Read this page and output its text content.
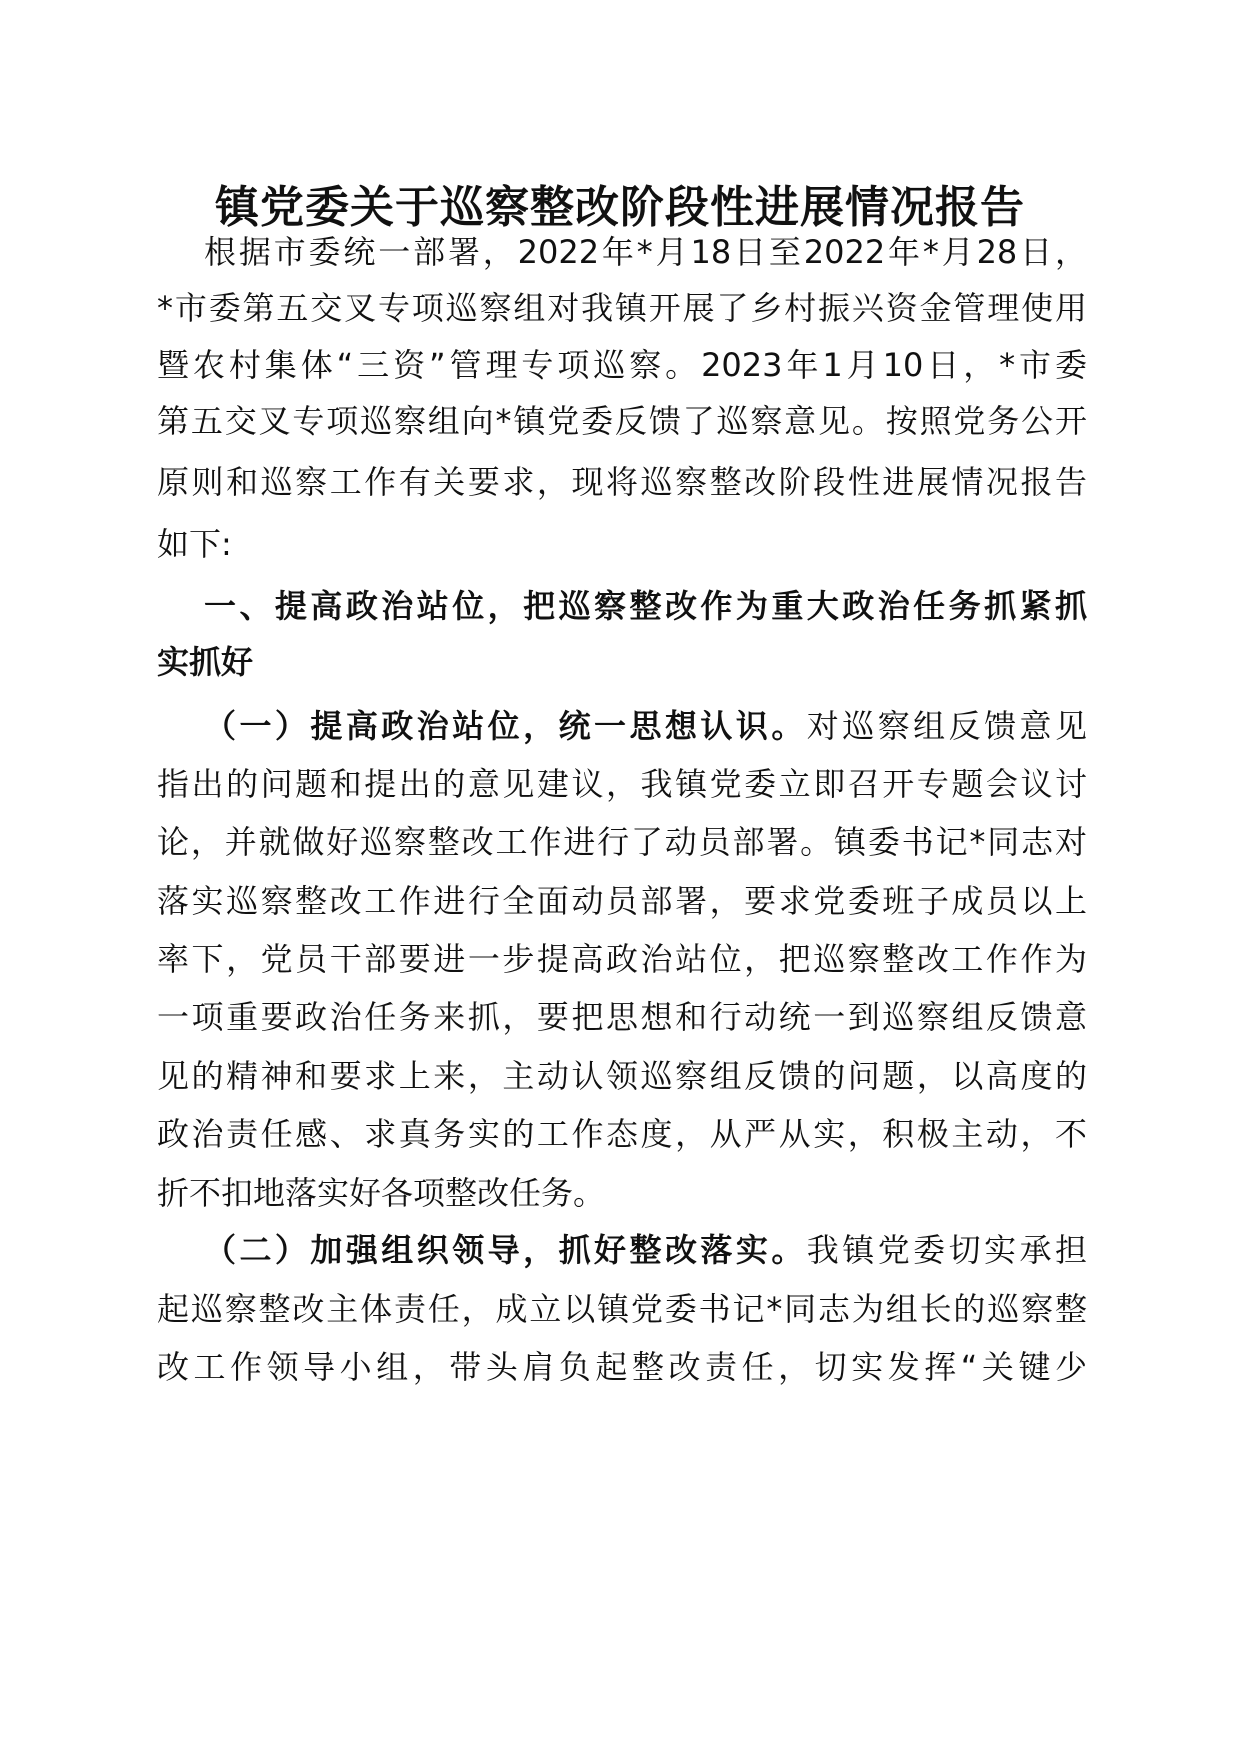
镇党委关于巡察整改阶段性进展情况报告

根据市委统一部署，2022年*月18日至2022年*月28日，

*市委第五交叉专项巡察组对我镇开展了乡村振兴资金管理使用

暨农村集体“三资”管理专项巡察。2023年1月10日，*市委

第五交叉专项巡察组向*镇党委反馈了巡察意见。按照党务公开

原则和巡察工作有关要求，现将巡察整改阶段性进展情况报告

如下:

一、提高政治站位，把巡察整改作为重大政治任务抓紧抓

实抓好

（一）提高政治站位，统一思想认识。对巡察组反馈意见

指出的问题和提出的意见建议，我镇党委立即召开专题会议讨

论，并就做好巡察整改工作进行了动员部署。镇委书记*同志对

落实巡察整改工作进行全面动员部署，要求党委班子成员以上

率下，党员干部要进一步提高政治站位，把巡察整改工作作为

一项重要政治任务来抓，要把思想和行动统一到巡察组反馈意

见的精神和要求上来，主动认领巡察组反馈的问题，以高度的

政治责任感、求真务实的工作态度，从严从实，积极主动，不

折不扣地落实好各项整改任务。

（二）加强组织领导，抓好整改落实。我镇党委切实承担

起巡察整改主体责任，成立以镇党委书记*同志为组长的巡察整

改工作领导小组，带头肩负起整改责任，切实发挥“关键少
